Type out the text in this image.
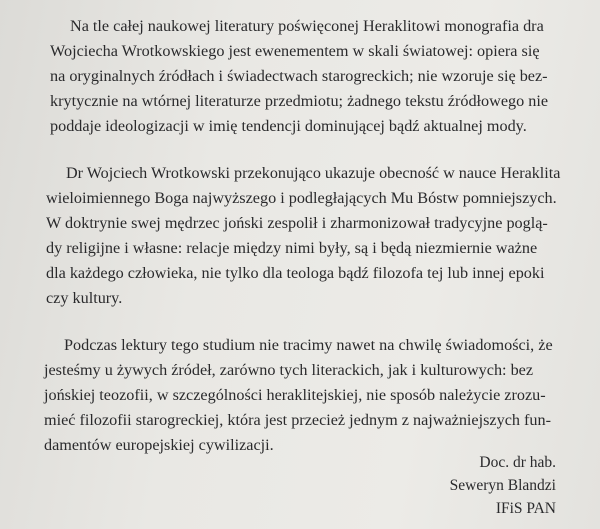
Na tle całej naukowej literatury poświęconej Heraklitowi monografia dra
Wojciecha Wrotkowskiego jest ewenementem w skali światowej: opiera się
na oryginalnych źródłach i świadectwach starogreckich; nie wzoruje się bez-
krytycznie na wtórnej literaturze przedmiotu; żadnego tekstu źródłowego nie
poddaje ideologizacji w imię tendencji dominującej bądź aktualnej mody.
Dr Wojciech Wrotkowski przekonująco ukazuje obecność w nauce Heraklita
wieloimiennego Boga najwyższego i podległających Mu Bóstw pomniejszych.
W doktrynie swej mędrzec joński zespolił i zharmonizował tradycyjne poglą-
dy religijne i własne: relacje między nimi były, są i będą niezmiernie ważne
dla każdego człowieka, nie tylko dla teologa bądź filozofa tej lub innej epoki
czy kultury.
Podczas lektury tego studium nie tracimy nawet na chwilę świadomości, że
jesteśmy u żywych źródeł, zarówno tych literackich, jak i kulturowych: bez
jońskiej teozofii, w szczególności heraklitejskiej, nie sposób należycie zrozu-
mieć filozofii starogreckiej, która jest przecież jednym z najważniejszych fun-
damentów europejskiej cywilizacji.
Doc. dr hab.
Seweryn Blandzi
IFiS PAN
